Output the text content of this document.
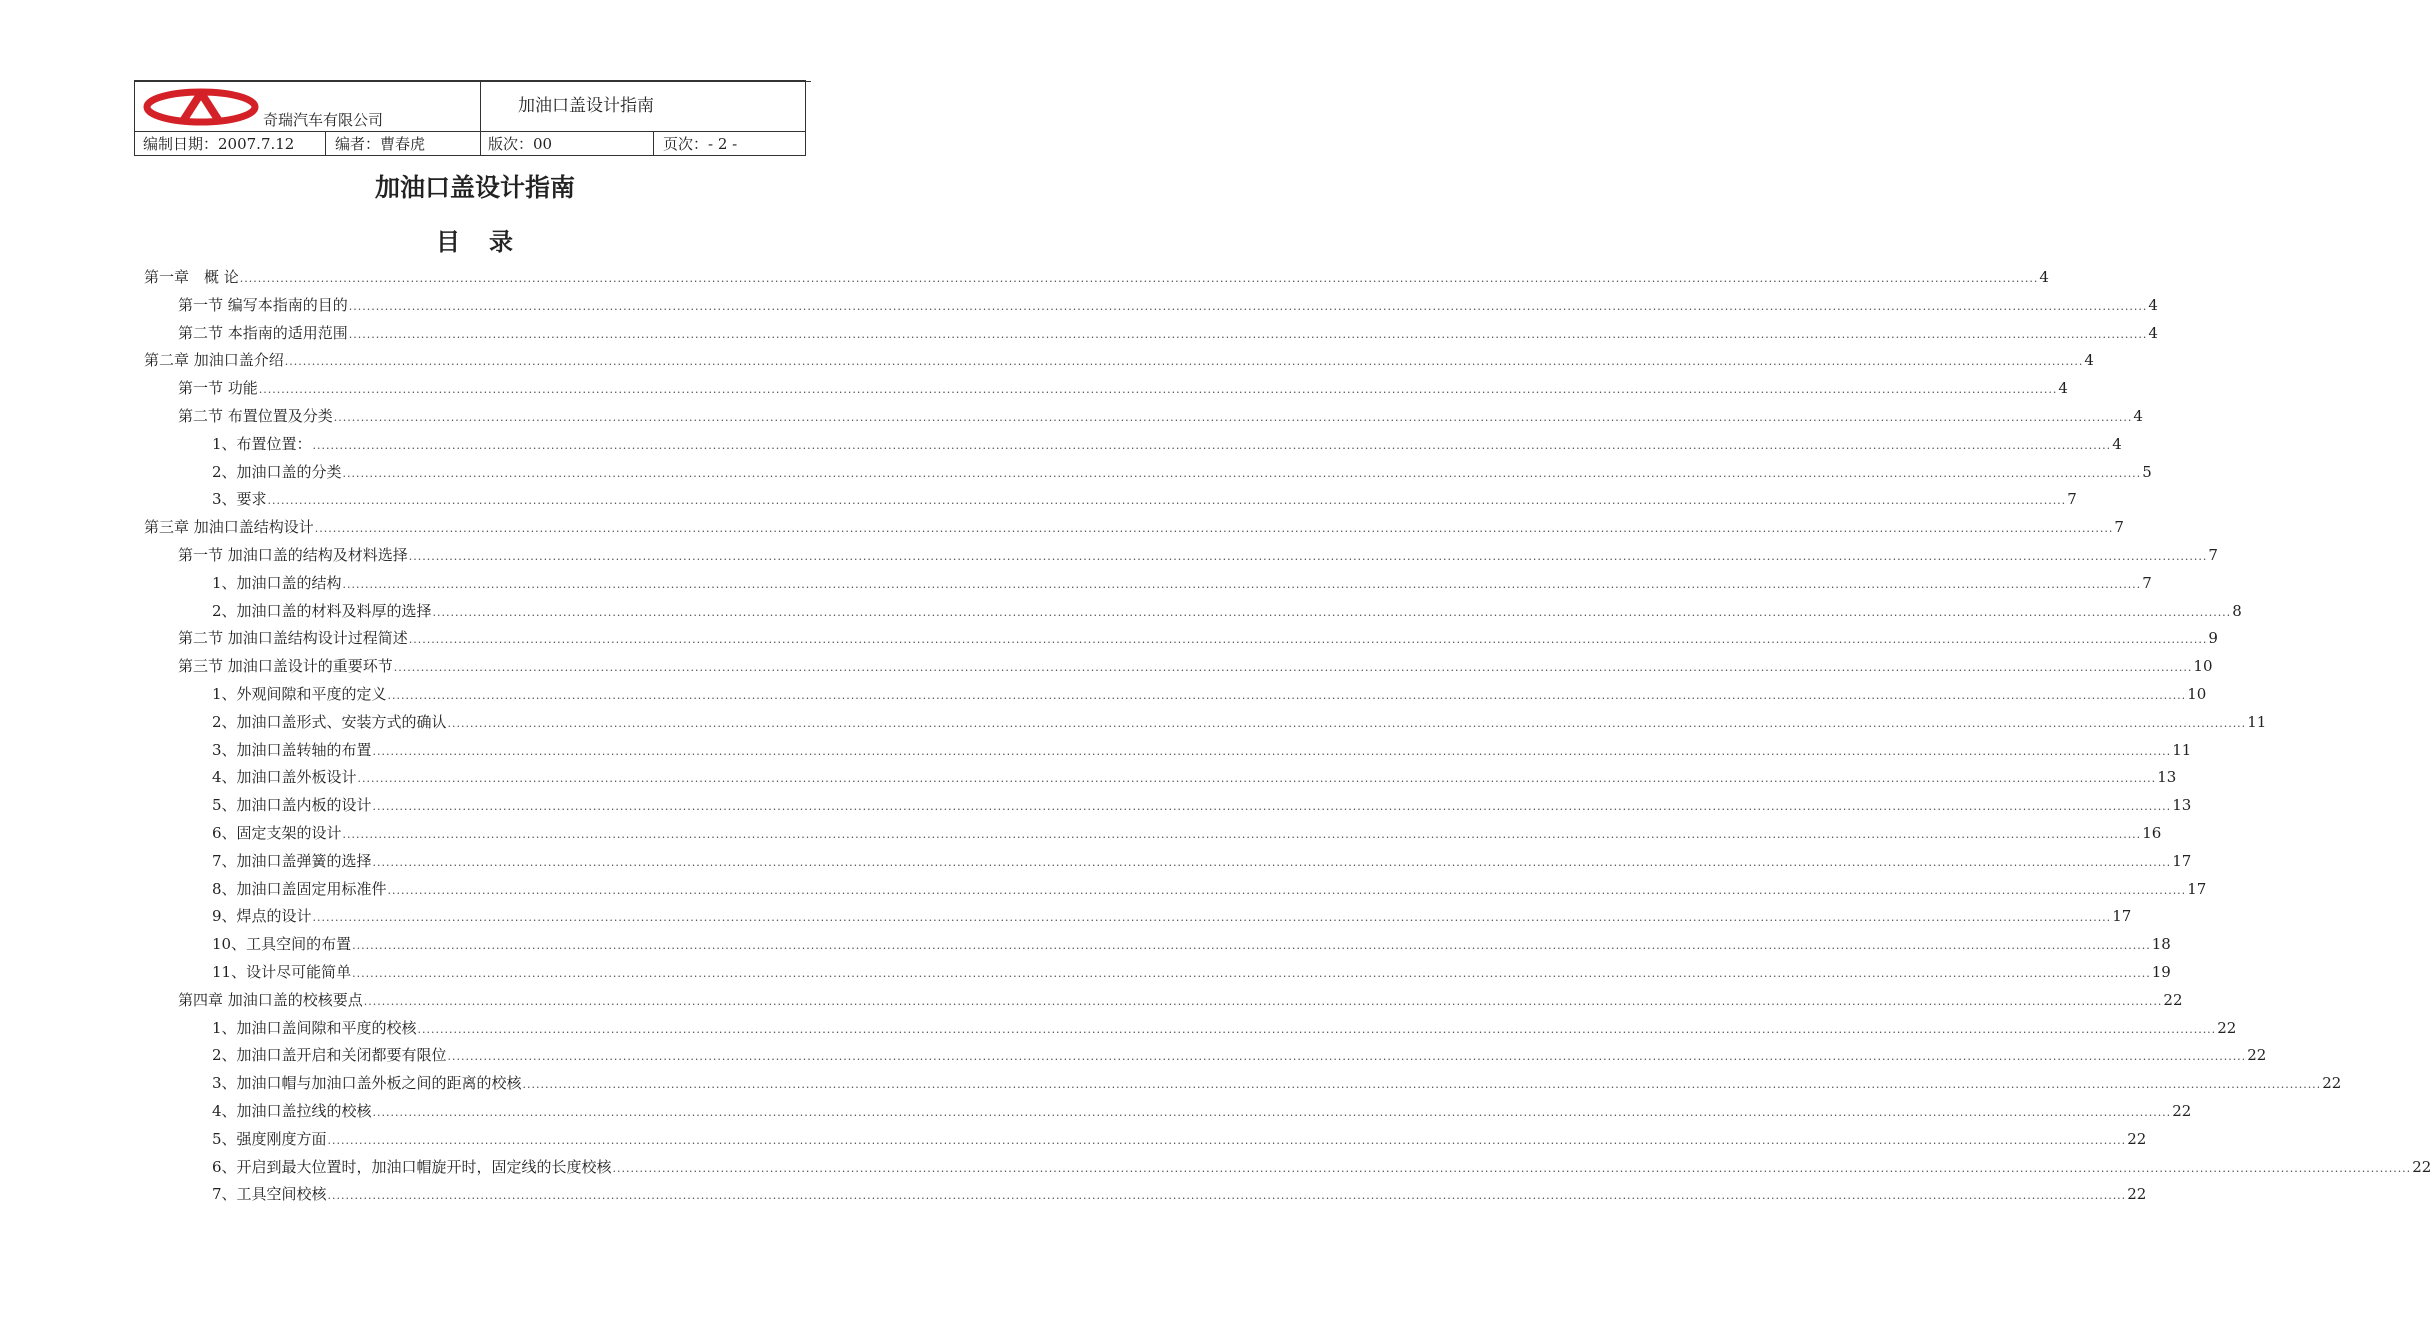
奇瑞汽车有限公司
加油口盖设计指南
编制日期：2007.7.12	编者：曹春虎	版次：00	页次：- 2 -
加油口盖设计指南
目   录
第一章　概 论 ................................................................................................................................................................................................................................................................................................................................................................................................................ 4
第一节 编写本指南的目的 ................................................................................................................................................................................................................................................................................................................................................................................................................ 4
第二节 本指南的适用范围 ................................................................................................................................................................................................................................................................................................................................................................................................................ 4
第二章 加油口盖介绍 ................................................................................................................................................................................................................................................................................................................................................................................................................ 4
第一节 功能 ................................................................................................................................................................................................................................................................................................................................................................................................................ 4
第二节 布置位置及分类 ................................................................................................................................................................................................................................................................................................................................................................................................................ 4
1、布置位置： ................................................................................................................................................................................................................................................................................................................................................................................................................ 4
2、加油口盖的分类 ................................................................................................................................................................................................................................................................................................................................................................................................................ 5
3、要求 ................................................................................................................................................................................................................................................................................................................................................................................................................ 7
第三章 加油口盖结构设计 ................................................................................................................................................................................................................................................................................................................................................................................................................ 7
第一节 加油口盖的结构及材料选择 ................................................................................................................................................................................................................................................................................................................................................................................................................ 7
1、加油口盖的结构 ................................................................................................................................................................................................................................................................................................................................................................................................................ 7
2、加油口盖的材料及料厚的选择 ................................................................................................................................................................................................................................................................................................................................................................................................................ 8
第二节 加油口盖结构设计过程简述 ................................................................................................................................................................................................................................................................................................................................................................................................................ 9
第三节 加油口盖设计的重要环节 ................................................................................................................................................................................................................................................................................................................................................................................................................ 10
1、外观间隙和平度的定义 ................................................................................................................................................................................................................................................................................................................................................................................................................ 10
2、加油口盖形式、安装方式的确认 ................................................................................................................................................................................................................................................................................................................................................................................................................ 11
3、加油口盖转轴的布置 ................................................................................................................................................................................................................................................................................................................................................................................................................ 11
4、加油口盖外板设计 ................................................................................................................................................................................................................................................................................................................................................................................................................ 13
5、加油口盖内板的设计 ................................................................................................................................................................................................................................................................................................................................................................................................................ 13
6、固定支架的设计 ................................................................................................................................................................................................................................................................................................................................................................................................................ 16
7、加油口盖弹簧的选择 ................................................................................................................................................................................................................................................................................................................................................................................................................ 17
8、加油口盖固定用标准件 ................................................................................................................................................................................................................................................................................................................................................................................................................ 17
9、焊点的设计 ................................................................................................................................................................................................................................................................................................................................................................................................................ 17
10、工具空间的布置 ................................................................................................................................................................................................................................................................................................................................................................................................................ 18
11、设计尽可能简单 ................................................................................................................................................................................................................................................................................................................................................................................................................ 19
第四章 加油口盖的校核要点 ................................................................................................................................................................................................................................................................................................................................................................................................................ 22
1、加油口盖间隙和平度的校核 ................................................................................................................................................................................................................................................................................................................................................................................................................ 22
2、加油口盖开启和关闭都要有限位 ................................................................................................................................................................................................................................................................................................................................................................................................................ 22
3、加油口帽与加油口盖外板之间的距离的校核 ................................................................................................................................................................................................................................................................................................................................................................................................................ 22
4、加油口盖拉线的校核 ................................................................................................................................................................................................................................................................................................................................................................................................................ 22
5、强度刚度方面 ................................................................................................................................................................................................................................................................................................................................................................................................................ 22
6、开启到最大位置时，加油口帽旋开时，固定线的长度校核 ................................................................................................................................................................................................................................................................................................................................................................................................................ 22
7、工具空间校核 ................................................................................................................................................................................................................................................................................................................................................................................................................ 22
